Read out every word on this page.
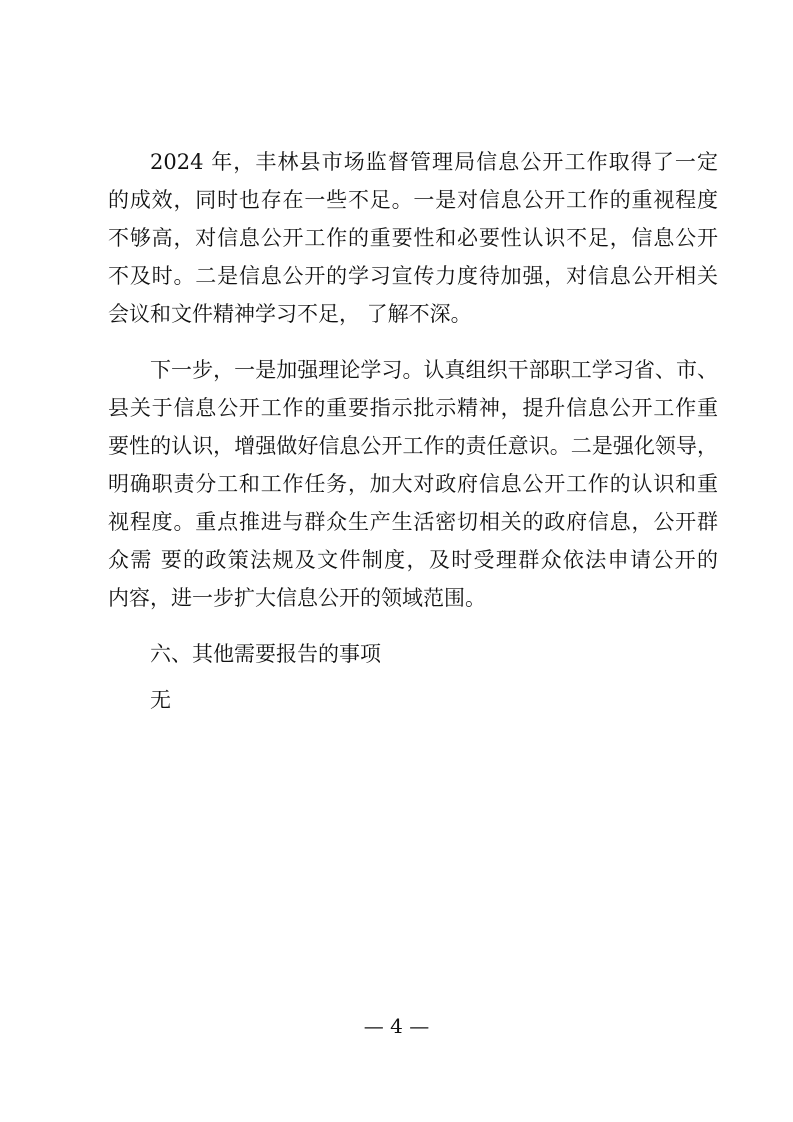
2024 年，丰林县市场监督管理局信息公开工作取得了一定
的成效，同时也存在一些不足。一是对信息公开工作的重视程度
不够高，对信息公开工作的重要性和必要性认识不足，信息公开
不及时。二是信息公开的学习宣传力度待加强，对信息公开相关
会议和文件精神学习不足， 了解不深。
下一步，一是加强理论学习。认真组织干部职工学习省、市、
县关于信息公开工作的重要指示批示精神，提升信息公开工作重
要性的认识，增强做好信息公开工作的责任意识。二是强化领导，
明确职责分工和工作任务，加大对政府信息公开工作的认识和重
视程度。重点推进与群众生产生活密切相关的政府信息，公开群
众需 要的政策法规及文件制度，及时受理群众依法申请公开的
内容，进一步扩大信息公开的领域范围。
六、其他需要报告的事项
无
— 4 —
